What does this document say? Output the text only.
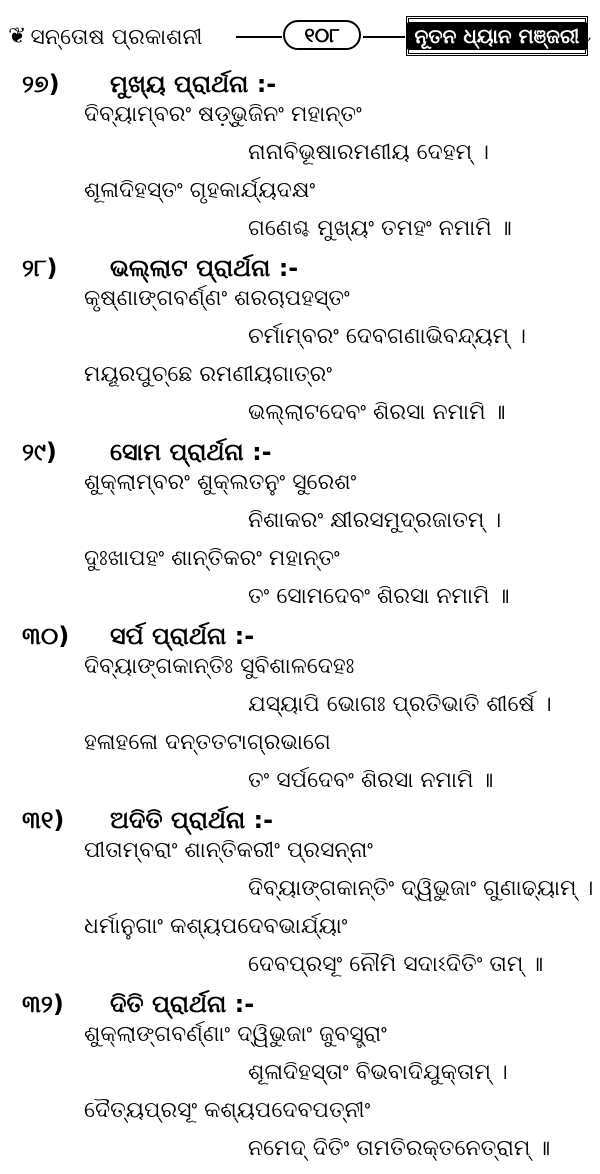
❦ ସନ୍ତୋଷ ପ୍ରକାଶନୀ	୧୦୮	ନୂତନ ଧ୍ୟାନ ମଞ୍ଜରୀ
❧
୨୭) ମୁଖ୍ୟ ପ୍ରାର୍ଥନା :-
ଦିବ୍ୟାମ୍ବରଂ ଷଡ଼୍‌ଭୁଜିନଂ ମହାନ୍ତଂ
ନାନାବିଭୂଷାରମଣୀୟ ଦେହମ୍ ।
ଶୂଳାଦିହସ୍ତଂ ଗୃହକାର୍ଯ୍ୟଦକ୍ଷଂ
ଗଣେଶ୍ଚ ମୁଖ୍ୟଂ ତମହଂ ନମାମି ॥
୨୮) ଭଲ୍ଲାଟ ପ୍ରାର୍ଥନା :-
କୃଷ୍ଣାଙ୍ଗବର୍ଣ୍ଣଂ ଶରଚାପହସ୍ତଂ
ଚର୍ମାମ୍ବରଂ ଦେବଗଣାଭିବନ୍ଦ୍ୟମ୍ ।
ମୟୂରପୁଚ୍ଛେ ରମଣୀୟଗାତ୍ରଂ
ଭଲ୍ଲାଟଦେବଂ ଶିରସା ନମାମି ॥
୨୯) ସୋମ ପ୍ରାର୍ଥନା :-
ଶୁକ୍ଲାମ୍ବରଂ ଶୁକ୍ଲତନୁଂ ସୁରେଶଂ
ନିଶାକରଂ କ୍ଷୀରସମୁଦ୍ରଜାତମ୍ ।
ଦୁଃଖାପହଂ ଶାନ୍ତିକରଂ ମହାନ୍ତଂ
ତଂ ସୋମଦେବଂ ଶିରସା ନମାମି ॥
୩୦) ସର୍ପ ପ୍ରାର୍ଥନା :-
ଦିବ୍ୟାଙ୍ଗକାନ୍ତିଃ ସୁବିଶାଳଦେହଃ
ଯସ୍ୟାପି ଭୋଗଃ ପ୍ରତିଭାତି ଶୀର୍ଷେ ।
ହଳାହଳୋ ଦନ୍ତତଟାଗ୍ରଭାଗେ
ତଂ ସର୍ପଦେବଂ ଶିରସା ନମାମି ॥
୩୧) ଅଦିତି ପ୍ରାର୍ଥନା :-
ପୀତାମ୍ବରାଂ ଶାନ୍ତିକରୀଂ ପ୍ରସନ୍ନାଂ
ଦିବ୍ୟାଙ୍ଗକାନ୍ତିଂ ଦ୍ୱିଭୁଜାଂ ଗୁଣାଢ୍ୟାମ୍ ।
ଧର୍ମାନୁଗାଂ କଶ୍ୟପଦେବଭାର୍ଯ୍ୟାଂ
ଦେବପ୍ରସୂଂ ନୌମି ସଦାଽଦିତିଂ ତାମ୍ ॥
୩୨) ଦିତି ପ୍ରାର୍ଥନା :-
ଶୁକ୍ଲାଙ୍ଗବର୍ଣ୍ଣାଂ ଦ୍ୱିଭୁଜାଂ ଜୁବସ୍ତ୍ରାଂ
ଶୂଳାଦିହସ୍ତାଂ ବିଭବାଦିଯୁକ୍ତାମ୍ ।
ଦୈତ୍ୟପ୍ରସୂଂ କଶ୍ୟପଦେବପତ୍ନୀଂ
ନମେଦ୍ ଦିତିଂ ତାମତିରକ୍ତନେତ୍ରାମ୍ ॥
